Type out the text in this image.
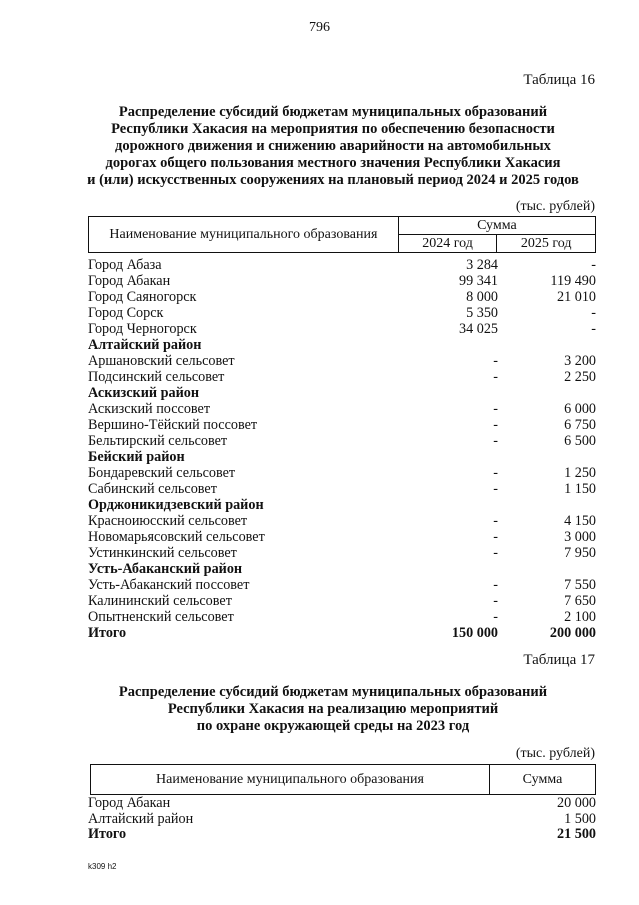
796
Таблица 16
Распределение субсидий бюджетам муниципальных образований
Республики Хакасия на мероприятия по обеспечению безопасности
дорожного движения и снижению аварийности на автомобильных
дорогах общего пользования местного значения Республики Хакасия
и (или) искусственных сооружениях на плановый период 2024 и 2025 годов
(тыс. рублей)
Наименование муниципального образования	Сумма	
	2024 год	2025 год
Город Абаза	3 284	-
Город Абакан	99 341	119 490
Город Саяногорск	8 000	21 010
Город Сорск	5 350	-
Город Черногорск	34 025	-
Алтайский район
Аршановский сельсовет	-	3 200
Подсинский сельсовет	-	2 250
Аскизский район
Аскизский поссовет	-	6 000
Вершино-Тёйский поссовет	-	6 750
Бельтирский сельсовет	-	6 500
Бейский район
Бондаревский сельсовет	-	1 250
Сабинский сельсовет	-	1 150
Орджоникидзевский район
Красноиюсский сельсовет	-	4 150
Новомарьясовский сельсовет	-	3 000
Устинкинский сельсовет	-	7 950
Усть-Абаканский район
Усть-Абаканский поссовет	-	7 550
Калининский сельсовет	-	7 650
Опытненский сельсовет	-	2 100
Итого	150 000	200 000
Таблица 17
Распределение субсидий бюджетам муниципальных образований
Республики Хакасия на реализацию мероприятий
по охране окружающей среды на 2023 год
(тыс. рублей)
Наименование муниципального образования	Сумма
Город Абакан	20 000
Алтайский район	1 500
Итого	21 500
k309 h2
